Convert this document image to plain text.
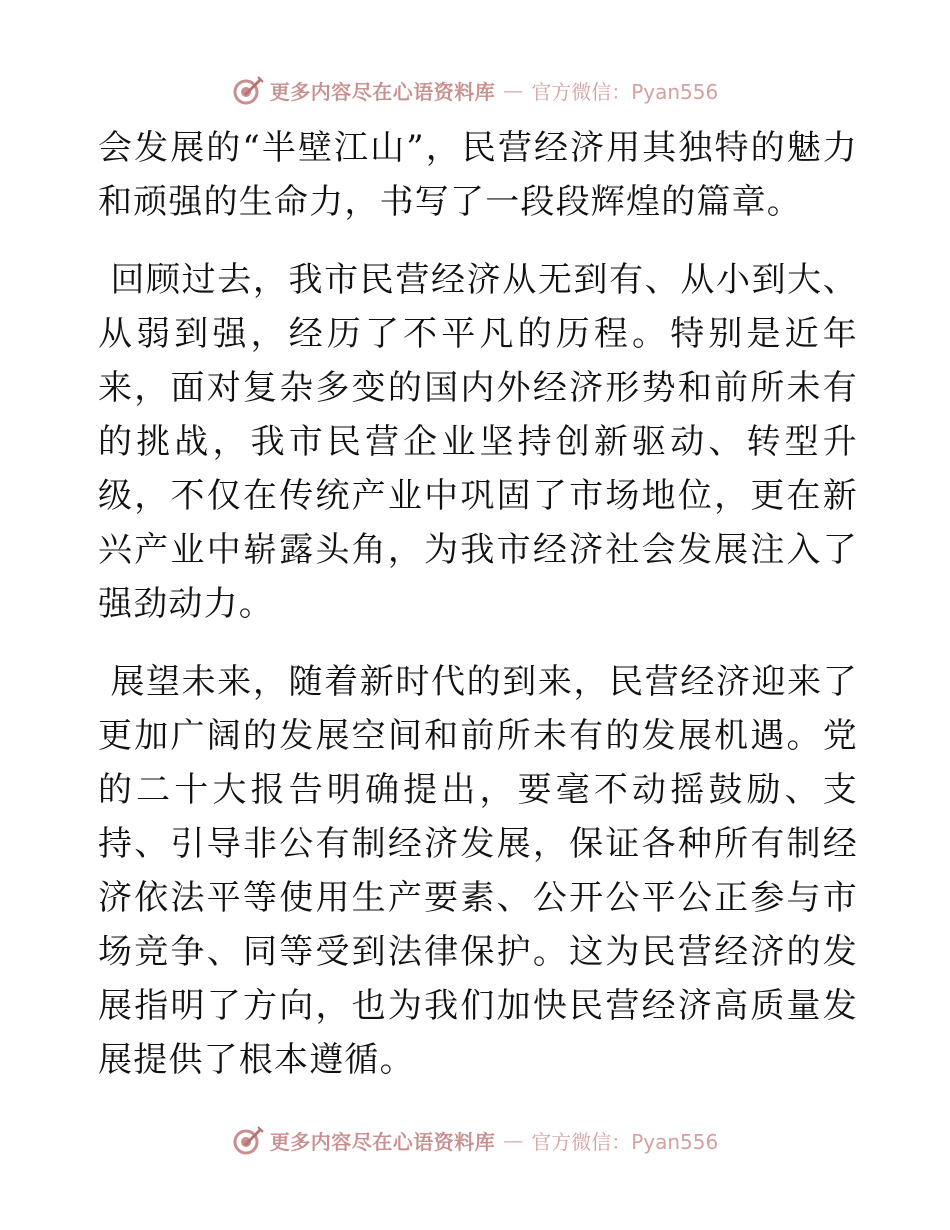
更多内容尽在心语资料库 — 官方微信：Pyan556

会发展的“半壁江山”，民营经济用其独特的魅力和顽强的生命力，书写了一段段辉煌的篇章。

回顾过去，我市民营经济从无到有、从小到大、从弱到强，经历了不平凡的历程。特别是近年来，面对复杂多变的国内外经济形势和前所未有的挑战，我市民营企业坚持创新驱动、转型升级，不仅在传统产业中巩固了市场地位，更在新兴产业中崭露头角，为我市经济社会发展注入了强劲动力。

展望未来，随着新时代的到来，民营经济迎来了更加广阔的发展空间和前所未有的发展机遇。党的二十大报告明确提出，要毫不动摇鼓励、支持、引导非公有制经济发展，保证各种所有制经济依法平等使用生产要素、公开公平公正参与市场竞争、同等受到法律保护。这为民营经济的发展指明了方向，也为我们加快民营经济高质量发展提供了根本遵循。

更多内容尽在心语资料库 — 官方微信：Pyan556
